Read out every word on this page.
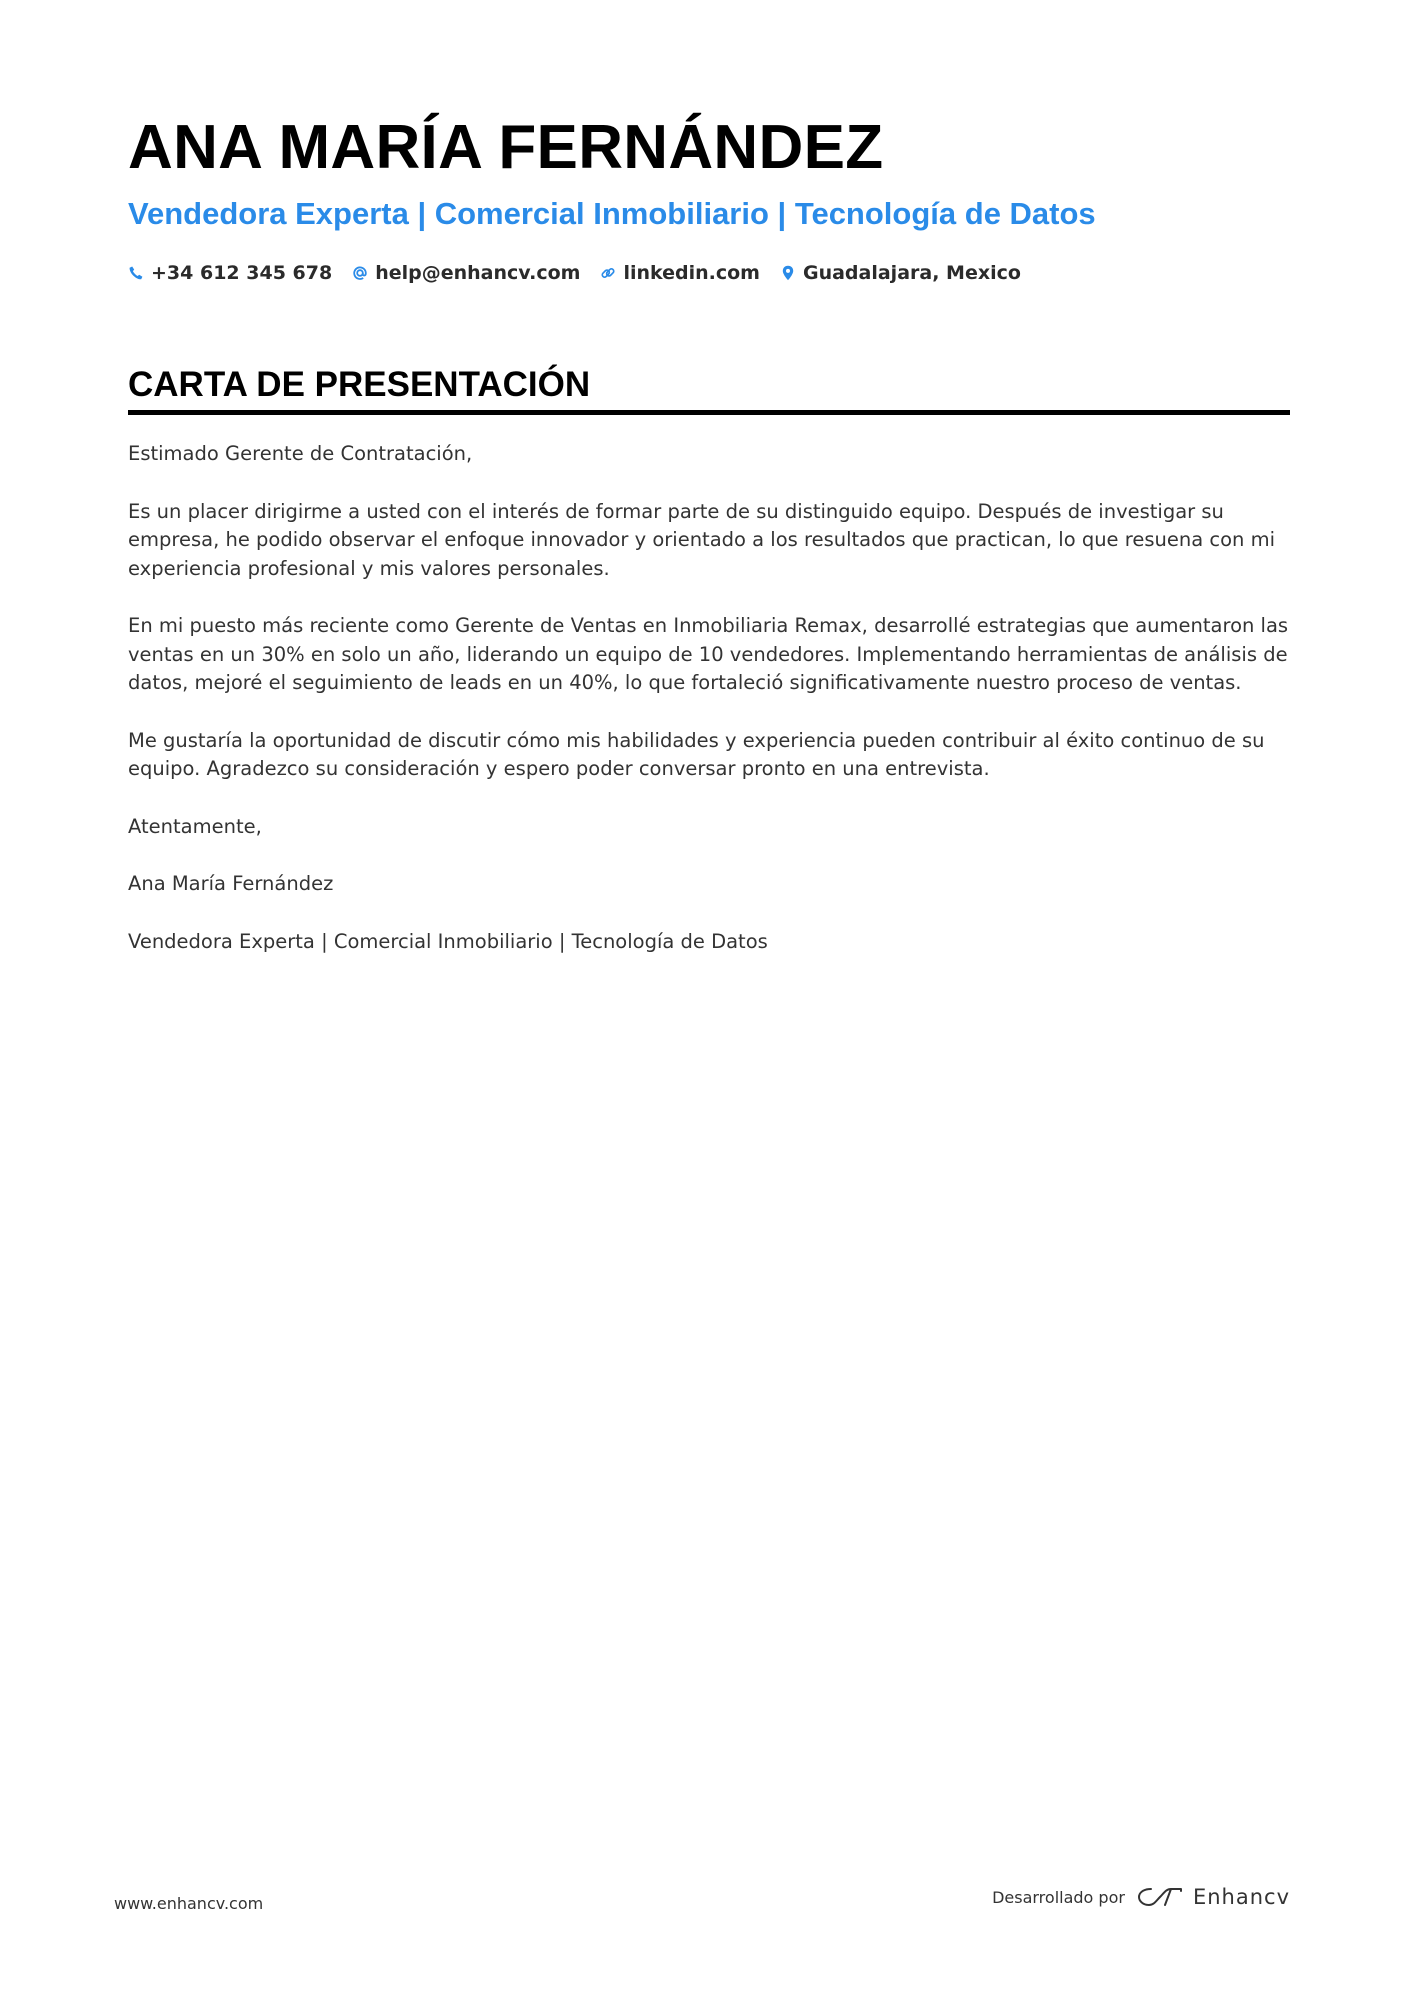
ANA MARÍA FERNÁNDEZ
Vendedora Experta | Comercial Inmobiliario | Tecnología de Datos
+34 612 345 678 help@enhancv.com linkedin.com Guadalajara, Mexico
CARTA DE PRESENTACIÓN

Estimado Gerente de Contratación,

Es un placer dirigirme a usted con el interés de formar parte de su distinguido equipo. Después de investigar su empresa, he podido observar el enfoque innovador y orientado a los resultados que practican, lo que resuena con mi experiencia profesional y mis valores personales.

En mi puesto más reciente como Gerente de Ventas en Inmobiliaria Remax, desarrollé estrategias que aumentaron las ventas en un 30% en solo un año, liderando un equipo de 10 vendedores. Implementando herramientas de análisis de datos, mejoré el seguimiento de leads en un 40%, lo que fortaleció significativamente nuestro proceso de ventas.

Me gustaría la oportunidad de discutir cómo mis habilidades y experiencia pueden contribuir al éxito continuo de su equipo. Agradezco su consideración y espero poder conversar pronto en una entrevista.

Atentamente,

Ana María Fernández

Vendedora Experta | Comercial Inmobiliario | Tecnología de Datos

www.enhancv.com	Desarrollado por	Enhancv
